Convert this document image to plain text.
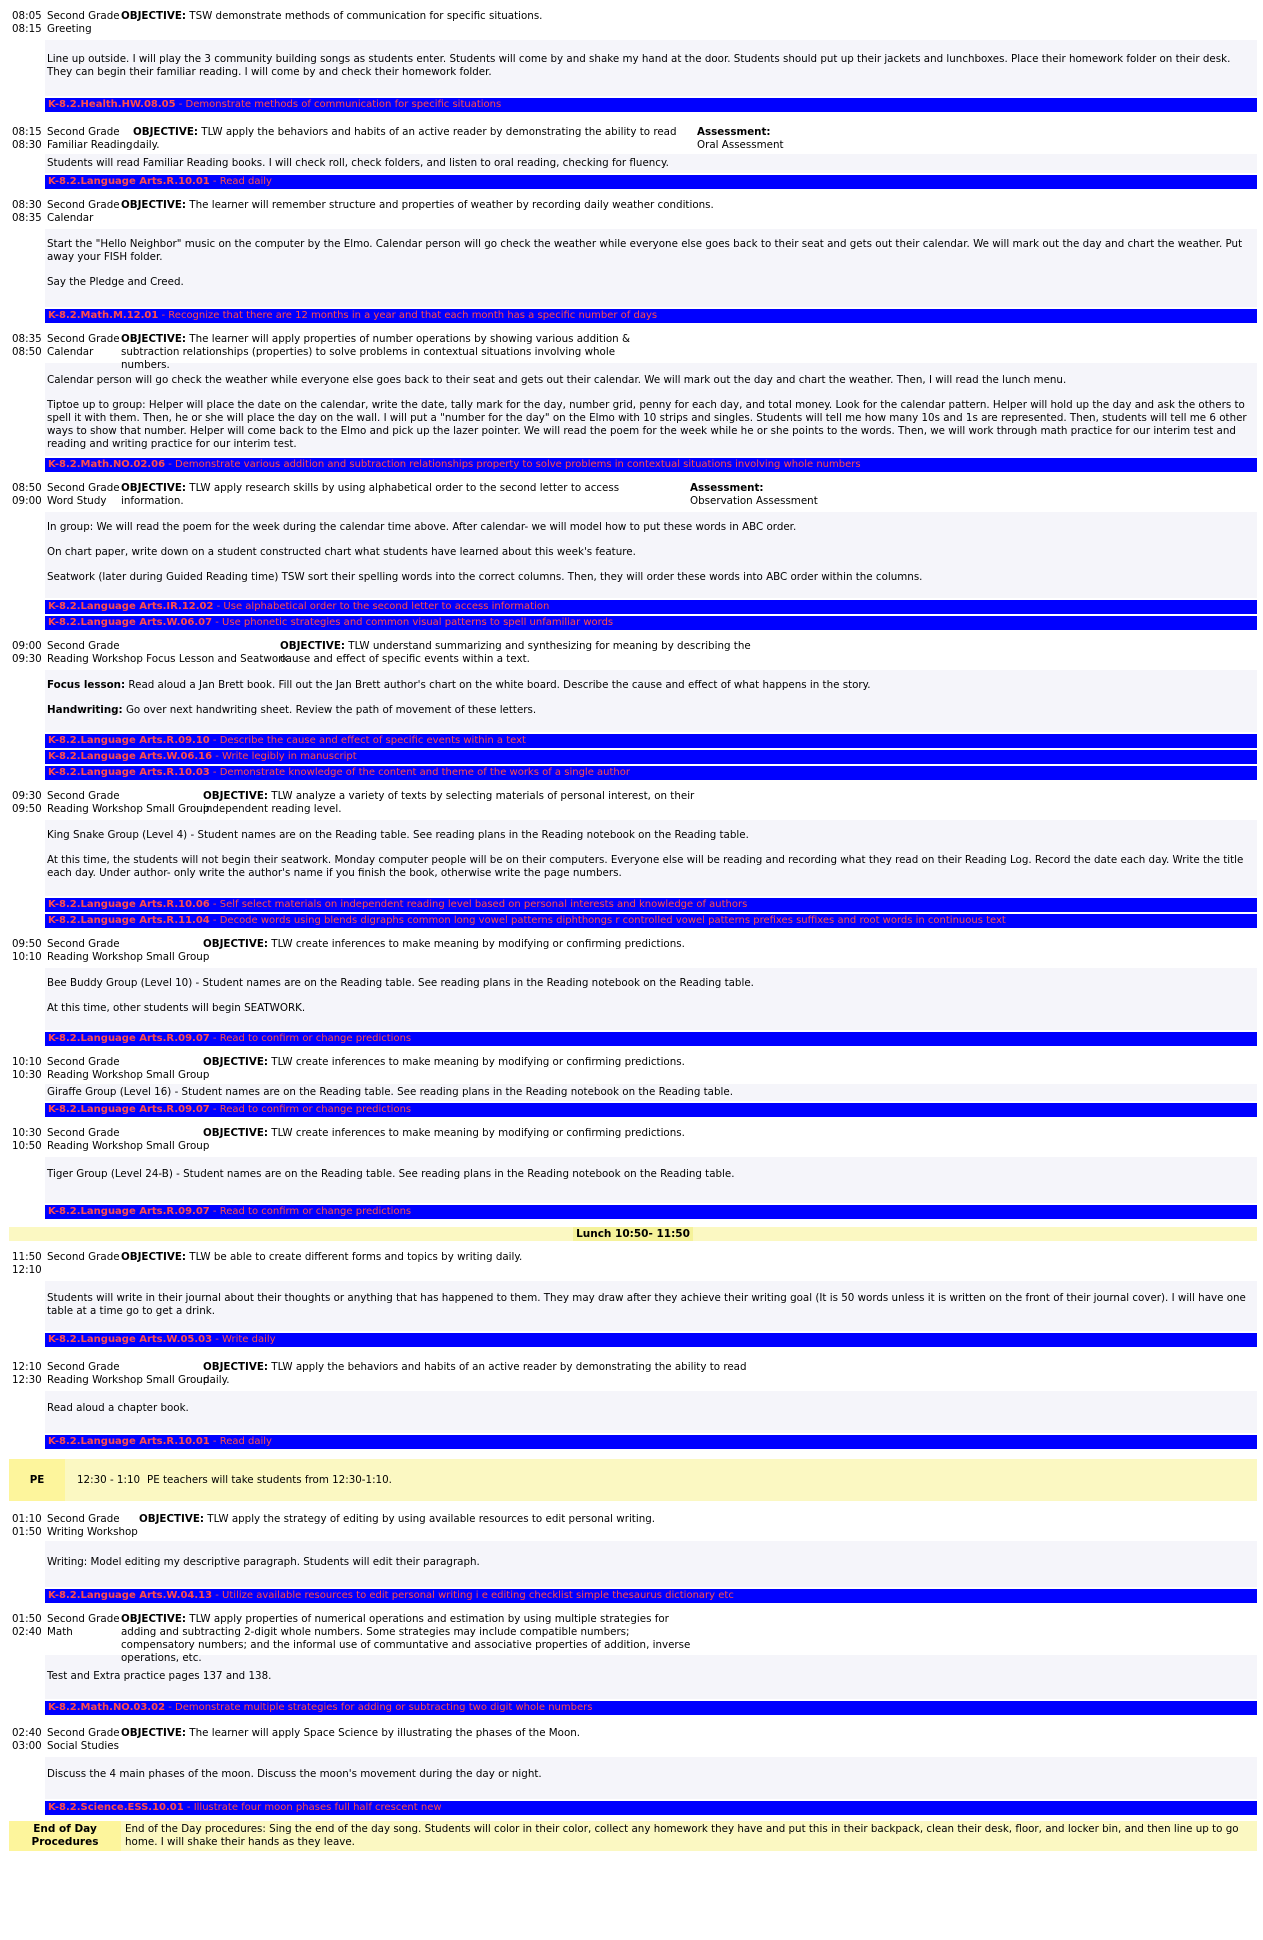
08:05
08:15
Second Grade
Greeting
OBJECTIVE: TSW demonstrate methods of communication for specific situations.

Line up outside. I will play the 3 community building songs as students enter. Students will come by and shake my hand at the door. Students should put up their jackets and lunchboxes. Place their homework folder on their desk. They can begin their familiar reading. I will come by and check their homework folder.

K-8.2.Health.HW.08.05 - Demonstrate methods of communication for specific situations
08:15
08:30
Second Grade
Familiar Reading
OBJECTIVE: TLW apply the behaviors and habits of an active reader by demonstrating the ability to read daily.
Assessment:
Oral Assessment

Students will read Familiar Reading books. I will check roll, check folders, and listen to oral reading, checking for fluency.

K-8.2.Language Arts.R.10.01 - Read daily
08:30
08:35
Second Grade
Calendar
OBJECTIVE: The learner will remember structure and properties of weather by recording daily weather conditions.

Start the "Hello Neighbor" music on the computer by the Elmo. Calendar person will go check the weather while everyone else goes back to their seat and gets out their calendar. We will mark out the day and chart the weather. Put away your FISH folder.

Say the Pledge and Creed.

K-8.2.Math.M.12.01 - Recognize that there are 12 months in a year and that each month has a specific number of days
08:35
08:50
Second Grade
Calendar
OBJECTIVE: The learner will apply properties of number operations by showing various addition & subtraction relationships (properties) to solve problems in contextual situations involving whole numbers.

Calendar person will go check the weather while everyone else goes back to their seat and gets out their calendar. We will mark out the day and chart the weather. Then, I will read the lunch menu.

Tiptoe up to group: Helper will place the date on the calendar, write the date, tally mark for the day, number grid, penny for each day, and total money. Look for the calendar pattern. Helper will hold up the day and ask the others to spell it with them. Then, he or she will place the day on the wall. I will put a "number for the day" on the Elmo with 10 strips and singles. Students will tell me how many 10s and 1s are represented. Then, students will tell me 6 other ways to show that number. Helper will come back to the Elmo and pick up the lazer pointer. We will read the poem for the week while he or she points to the words. Then, we will work through math practice for our interim test and reading and writing practice for our interim test.

K-8.2.Math.NO.02.06 - Demonstrate various addition and subtraction relationships property to solve problems in contextual situations involving whole numbers
08:50
09:00
Second Grade
Word Study
OBJECTIVE: TLW apply research skills by using alphabetical order to the second letter to access information.
Assessment:
Observation Assessment

In group: We will read the poem for the week during the calendar time above. After calendar- we will model how to put these words in ABC order.

On chart paper, write down on a student constructed chart what students have learned about this week's feature.

Seatwork (later during Guided Reading time) TSW sort their spelling words into the correct columns. Then, they will order these words into ABC order within the columns.

K-8.2.Language Arts.IR.12.02 - Use alphabetical order to the second letter to access information
K-8.2.Language Arts.W.06.07 - Use phonetic strategies and common visual patterns to spell unfamiliar words
09:00
09:30
Second Grade
Reading Workshop Focus Lesson and Seatwork
OBJECTIVE: TLW understand summarizing and synthesizing for meaning by describing the cause and effect of specific events within a text.

Focus lesson: Read aloud a Jan Brett book. Fill out the Jan Brett author's chart on the white board. Describe the cause and effect of what happens in the story.

Handwriting: Go over next handwriting sheet. Review the path of movement of these letters.

K-8.2.Language Arts.R.09.10 - Describe the cause and effect of specific events within a text
K-8.2.Language Arts.W.06.16 - Write legibly in manuscript
K-8.2.Language Arts.R.10.03 - Demonstrate knowledge of the content and theme of the works of a single author
09:30
09:50
Second Grade
Reading Workshop Small Group
OBJECTIVE: TLW analyze a variety of texts by selecting materials of personal interest, on their independent reading level.

King Snake Group (Level 4) - Student names are on the Reading table. See reading plans in the Reading notebook on the Reading table.

At this time, the students will not begin their seatwork. Monday computer people will be on their computers. Everyone else will be reading and recording what they read on their Reading Log. Record the date each day. Write the title each day. Under author- only write the author's name if you finish the book, otherwise write the page numbers.

K-8.2.Language Arts.R.10.06 - Self select materials on independent reading level based on personal interests and knowledge of authors
K-8.2.Language Arts.R.11.04 - Decode words using blends digraphs common long vowel patterns diphthongs r controlled vowel patterns prefixes suffixes and root words in continuous text
09:50
10:10
Second Grade
Reading Workshop Small Group
OBJECTIVE: TLW create inferences to make meaning by modifying or confirming predictions.

Bee Buddy Group (Level 10) - Student names are on the Reading table. See reading plans in the Reading notebook on the Reading table.

At this time, other students will begin SEATWORK.

K-8.2.Language Arts.R.09.07 - Read to confirm or change predictions
10:10
10:30
Second Grade
Reading Workshop Small Group
OBJECTIVE: TLW create inferences to make meaning by modifying or confirming predictions.

Giraffe Group (Level 16) - Student names are on the Reading table. See reading plans in the Reading notebook on the Reading table.

K-8.2.Language Arts.R.09.07 - Read to confirm or change predictions
10:30
10:50
Second Grade
Reading Workshop Small Group
OBJECTIVE: TLW create inferences to make meaning by modifying or confirming predictions.

Tiger Group (Level 24-B) - Student names are on the Reading table. See reading plans in the Reading notebook on the Reading table.

K-8.2.Language Arts.R.09.07 - Read to confirm or change predictions
Lunch 10:50- 11:50
11:50
12:10
Second Grade OBJECTIVE: TLW be able to create different forms and topics by writing daily.

Students will write in their journal about their thoughts or anything that has happened to them. They may draw after they achieve their writing goal (It is 50 words unless it is written on the front of their journal cover). I will have one table at a time go to get a drink.

K-8.2.Language Arts.W.05.03 - Write daily
12:10
12:30
Second Grade
Reading Workshop Small Group
OBJECTIVE: TLW apply the behaviors and habits of an active reader by demonstrating the ability to read daily.

Read aloud a chapter book.

K-8.2.Language Arts.R.10.01 - Read daily
PE	12:30 - 1:10 PE teachers will take students from 12:30-1:10.
01:10
01:50
Second Grade
Writing Workshop
OBJECTIVE: TLW apply the strategy of editing by using available resources to edit personal writing.

Writing: Model editing my descriptive paragraph. Students will edit their paragraph.

K-8.2.Language Arts.W.04.13 - Utilize available resources to edit personal writing i e editing checklist simple thesaurus dictionary etc
01:50
02:40
Second Grade
Math
OBJECTIVE: TLW apply properties of numerical operations and estimation by using multiple strategies for adding and subtracting 2-digit whole numbers. Some strategies may include compatible numbers; compensatory numbers; and the informal use of communtative and associative properties of addition, inverse operations, etc.

Test and Extra practice pages 137 and 138.

K-8.2.Math.NO.03.02 - Demonstrate multiple strategies for adding or subtracting two digit whole numbers
02:40
03:00
Second Grade
Social Studies
OBJECTIVE: The learner will apply Space Science by illustrating the phases of the Moon.

Discuss the 4 main phases of the moon. Discuss the moon's movement during the day or night.

K-8.2.Science.ESS.10.01 - Illustrate four moon phases full half crescent new
End of Day Procedures
End of the Day procedures: Sing the end of the day song. Students will color in their color, collect any homework they have and put this in their backpack, clean their desk, floor, and locker bin, and then line up to go home. I will shake their hands as they leave.
